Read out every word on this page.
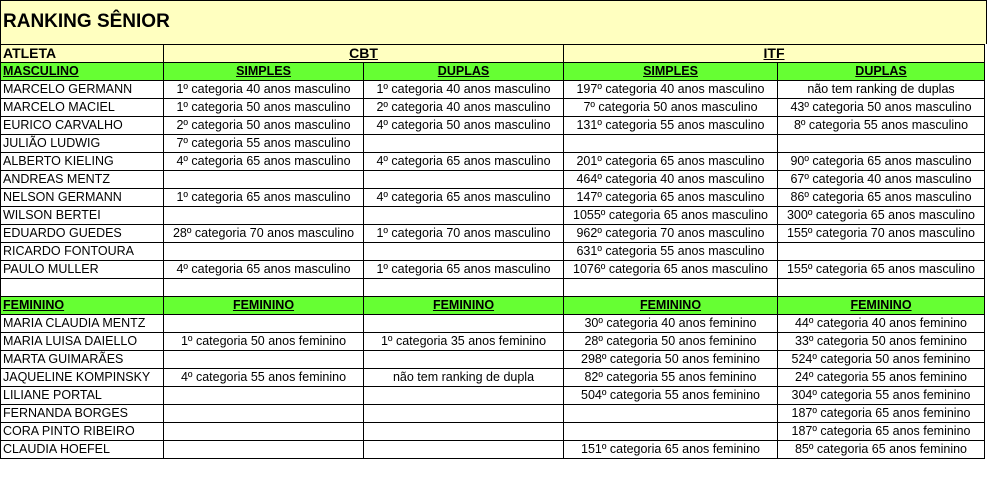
RANKING SÊNIOR
ATLETA	CBT		ITF	
MASCULINO	SIMPLES	DUPLAS	SIMPLES	DUPLAS
MARCELO GERMANN	1º categoria 40 anos masculino	1º categoria 40 anos masculino	197º categoria 40 anos masculino	não tem ranking de duplas
MARCELO MACIEL	1º categoria 50 anos masculino	2º categoria 40 anos masculino	7º categoria 50 anos masculino	43º categoria 50 anos masculino
EURICO CARVALHO	2º categoria 50 anos masculino	4º categoria 50 anos masculino	131º categoria 55 anos masculino	8º categoria 55 anos masculino
JULIÃO LUDWIG	7º categoria 55 anos masculino			
ALBERTO KIELING	4º categoria 65 anos masculino	4º categoria 65 anos masculino	201º categoria 65 anos masculino	90º categoria 65 anos masculino
ANDREAS MENTZ			464º categoria 40 anos masculino	67º categoria 40 anos masculino
NELSON GERMANN	1º categoria 65 anos masculino	4º categoria 65 anos masculino	147º categoria 65 anos masculino	86º categoria 65 anos masculino
WILSON BERTEI			1055º categoria 65 anos masculino	300º categoria 65 anos masculino
EDUARDO GUEDES	28º categoria 70 anos masculino	1º categoria 70 anos masculino	962º categoria 70 anos masculino	155º categoria 70 anos masculino
RICARDO FONTOURA			631º categoria 55 anos masculino	
PAULO MULLER	4º categoria 65 anos masculino	1º categoria 65 anos masculino	1076º categoria 65 anos masculino	155º categoria 65 anos masculino

FEMININO	FEMININO	FEMININO	FEMININO	FEMININO
MARIA CLAUDIA MENTZ			30º categoria 40 anos feminino	44º categoria 40 anos feminino
MARIA LUISA DAIELLO	1º categoria 50 anos feminino	1º categoria 35 anos feminino	28º categoria 50 anos feminino	33º categoria 50 anos feminino
MARTA GUIMARÃES			298º categoria 50 anos feminino	524º categoria 50 anos feminino
JAQUELINE KOMPINSKY	4º categoria 55 anos feminino	não tem ranking de dupla	82º categoria 55 anos feminino	24º categoria 55 anos feminino
LILIANE PORTAL			504º categoria 55 anos feminino	304º categoria 55 anos feminino
FERNANDA BORGES				187º categoria 65 anos feminino
CORA PINTO RIBEIRO				187º categoria 65 anos feminino
CLAUDIA HOEFEL			151º categoria 65 anos feminino	85º categoria 65 anos feminino
